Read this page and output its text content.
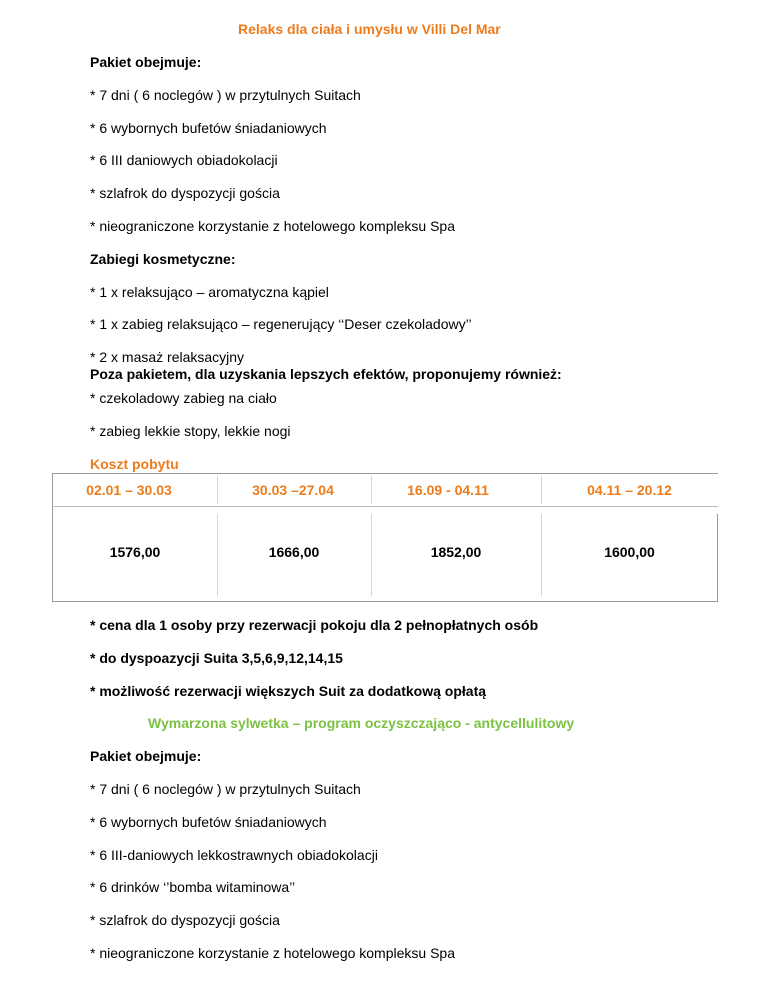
Relaks dla ciała i umysłu w Villi Del Mar
Pakiet obejmuje:
* 7 dni ( 6 noclegów ) w przytulnych Suitach
* 6 wybornych bufetów śniadaniowych
* 6 III daniowych obiadokolacji
* szlafrok do dyspozycji gościa
* nieograniczone korzystanie z hotelowego kompleksu Spa
Zabiegi kosmetyczne:
* 1 x relaksująco – aromatyczna kąpiel
* 1 x zabieg relaksująco – regenerujący ‘‘Deser czekoladowy’’
* 2 x masaż relaksacyjny
Poza pakietem, dla uzyskania lepszych efektów, proponujemy również:
* czekoladowy zabieg na ciało
* zabieg lekkie stopy, lekkie nogi
Koszt pobytu
02.01 – 30.03	30.03 –27.04	16.09 - 04.11	04.11 – 20.12
1576,00	1666,00	1852,00	1600,00
* cena dla 1 osoby przy rezerwacji pokoju dla 2 pełnopłatnych osób
* do dyspoazycji Suita 3,5,6,9,12,14,15
* możliwość rezerwacji większych Suit za dodatkową opłatą
Wymarzona sylwetka – program oczyszczająco - antycellulitowy
Pakiet obejmuje:
* 7 dni ( 6 noclegów ) w przytulnych Suitach
* 6 wybornych bufetów śniadaniowych
* 6 III-daniowych lekkostrawnych obiadokolacji
* 6 drinków ‘’bomba witaminowa’’
* szlafrok do dyspozycji gościa
* nieograniczone korzystanie z hotelowego kompleksu Spa
